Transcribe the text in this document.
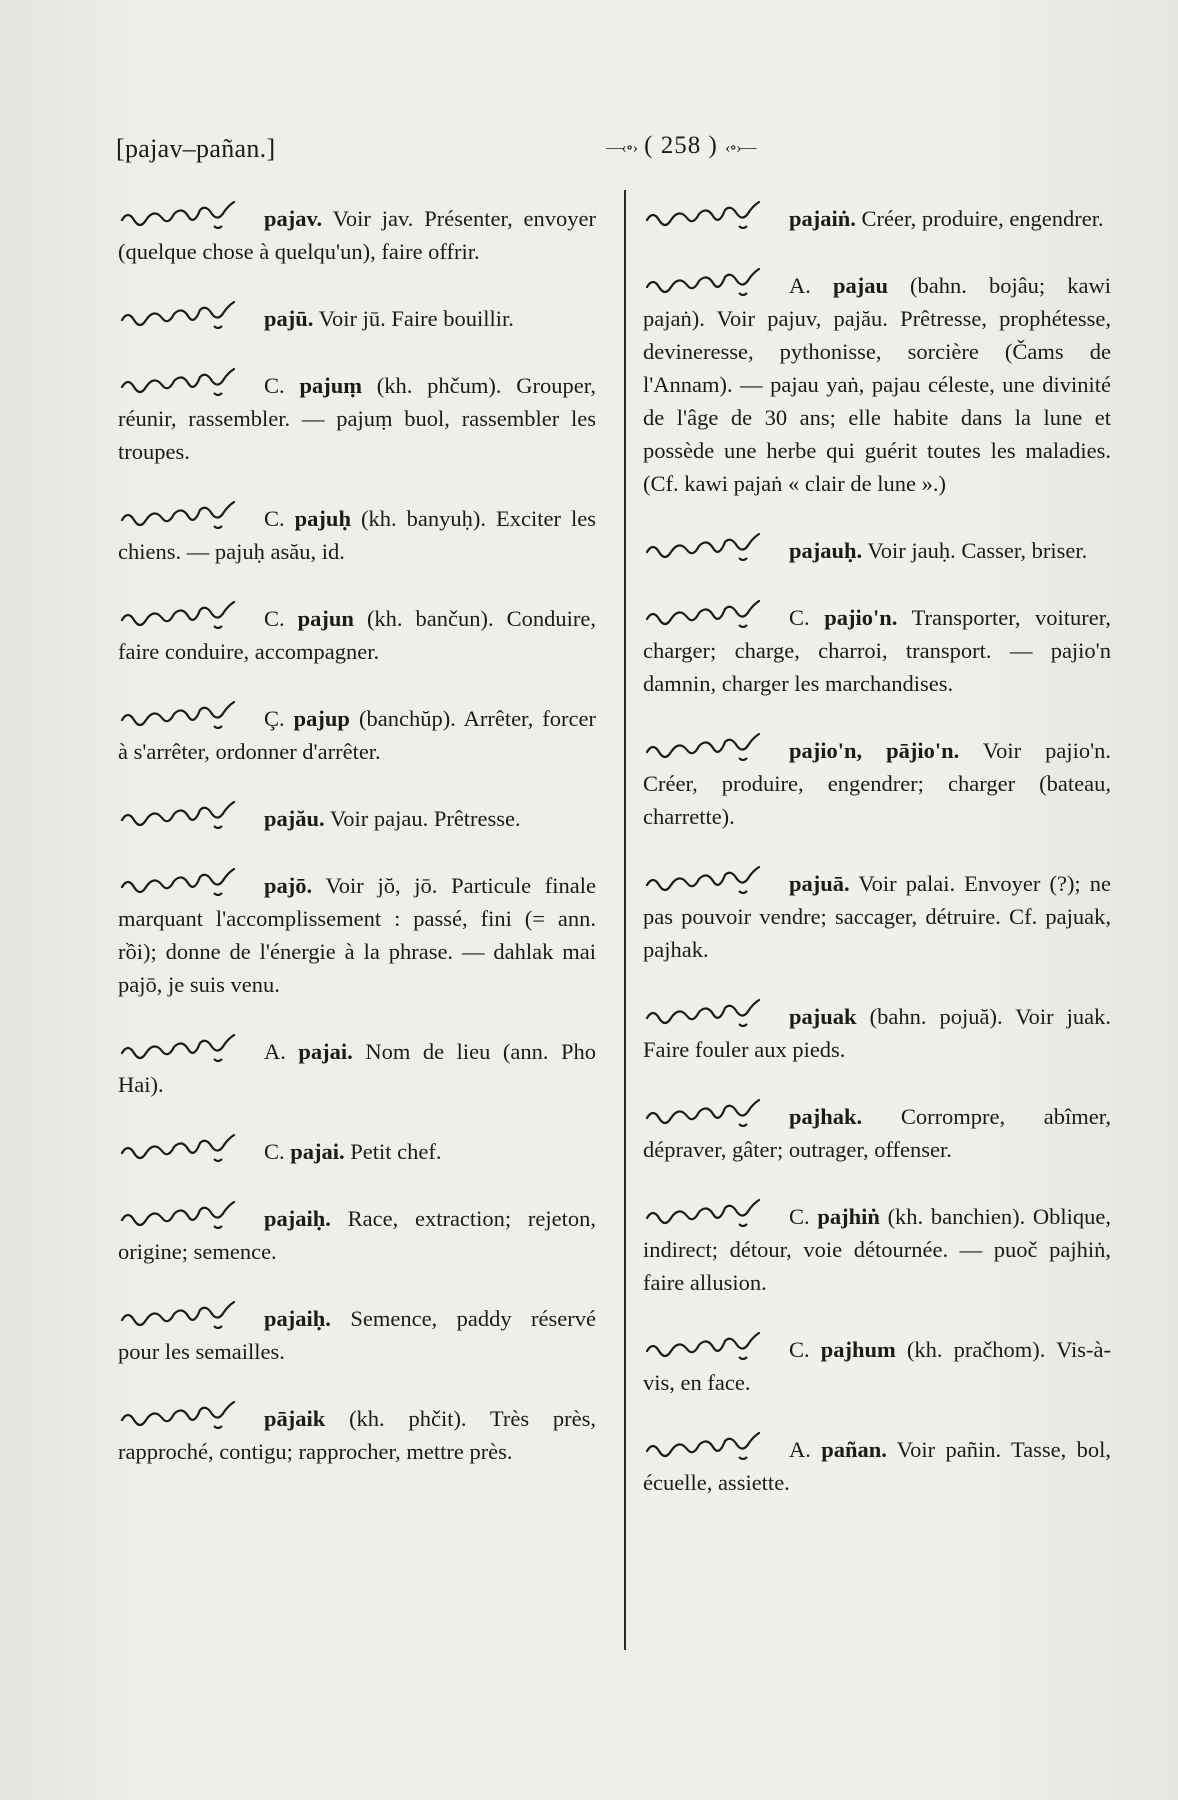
[pajav–pañan.]	—‹∘› ( 258 ) ‹∘›—
pajav. Voir jav. Présenter, envoyer (quelque chose à quelqu'un), faire offrir.
pajū. Voir jū. Faire bouillir.
C. pajuṃ (kh. phčum). Grouper, réunir, rassembler. — pajuṃ buol, rassembler les troupes.
C. pajuḥ (kh. banyuḥ). Exciter les chiens. — pajuḥ asău, id.
C. pajun (kh. bančun). Conduire, faire conduire, accompagner.
Ç. pajup (banchŭp). Arrêter, forcer à s'arrêter, ordonner d'arrêter.
pajău. Voir pajau. Prêtresse.
pajō. Voir jŏ, jō. Particule finale marquant l'accomplissement : passé, fini (= ann. rồi); donne de l'énergie à la phrase. — dahlak mai pajō, je suis venu.
A. pajai. Nom de lieu (ann. Pho Hai).
C. pajai. Petit chef.
pajaiḥ. Race, extraction; rejeton, origine; semence.
pajaiḥ. Semence, paddy réservé pour les semailles.
pājaik (kh. phčit). Très près, rapproché, contigu; rapprocher, mettre près.
pajaiṅ. Créer, produire, engendrer.
A. pajau (bahn. bojâu; kawi pajaṅ). Voir pajuv, pajău. Prêtresse, prophétesse, devineresse, pythonisse, sorcière (Čams de l'Annam). — pajau yaṅ, pajau céleste, une divinité de l'âge de 30 ans; elle habite dans la lune et possède une herbe qui guérit toutes les maladies. (Cf. kawi pajaṅ « clair de lune ».)
pajauḥ. Voir jauḥ. Casser, briser.
C. pajio'n. Transporter, voiturer, charger; charge, charroi, transport. — pajio'n damnin, charger les marchandises.
pajio'n, pājio'n. Voir pajio'n. Créer, produire, engendrer; charger (bateau, charrette).
pajuā. Voir palai. Envoyer (?); ne pas pouvoir vendre; saccager, détruire. Cf. pajuak, pajhak.
pajuak (bahn. pojuă). Voir juak. Faire fouler aux pieds.
pajhak. Corrompre, abîmer, dépraver, gâter; outrager, offenser.
C. pajhiṅ (kh. banchien). Oblique, indirect; détour, voie détournée. — puoč pajhiṅ, faire allusion.
C. pajhum (kh. pračhom). Vis-à-vis, en face.
A. pañan. Voir pañin. Tasse, bol, écuelle, assiette.
